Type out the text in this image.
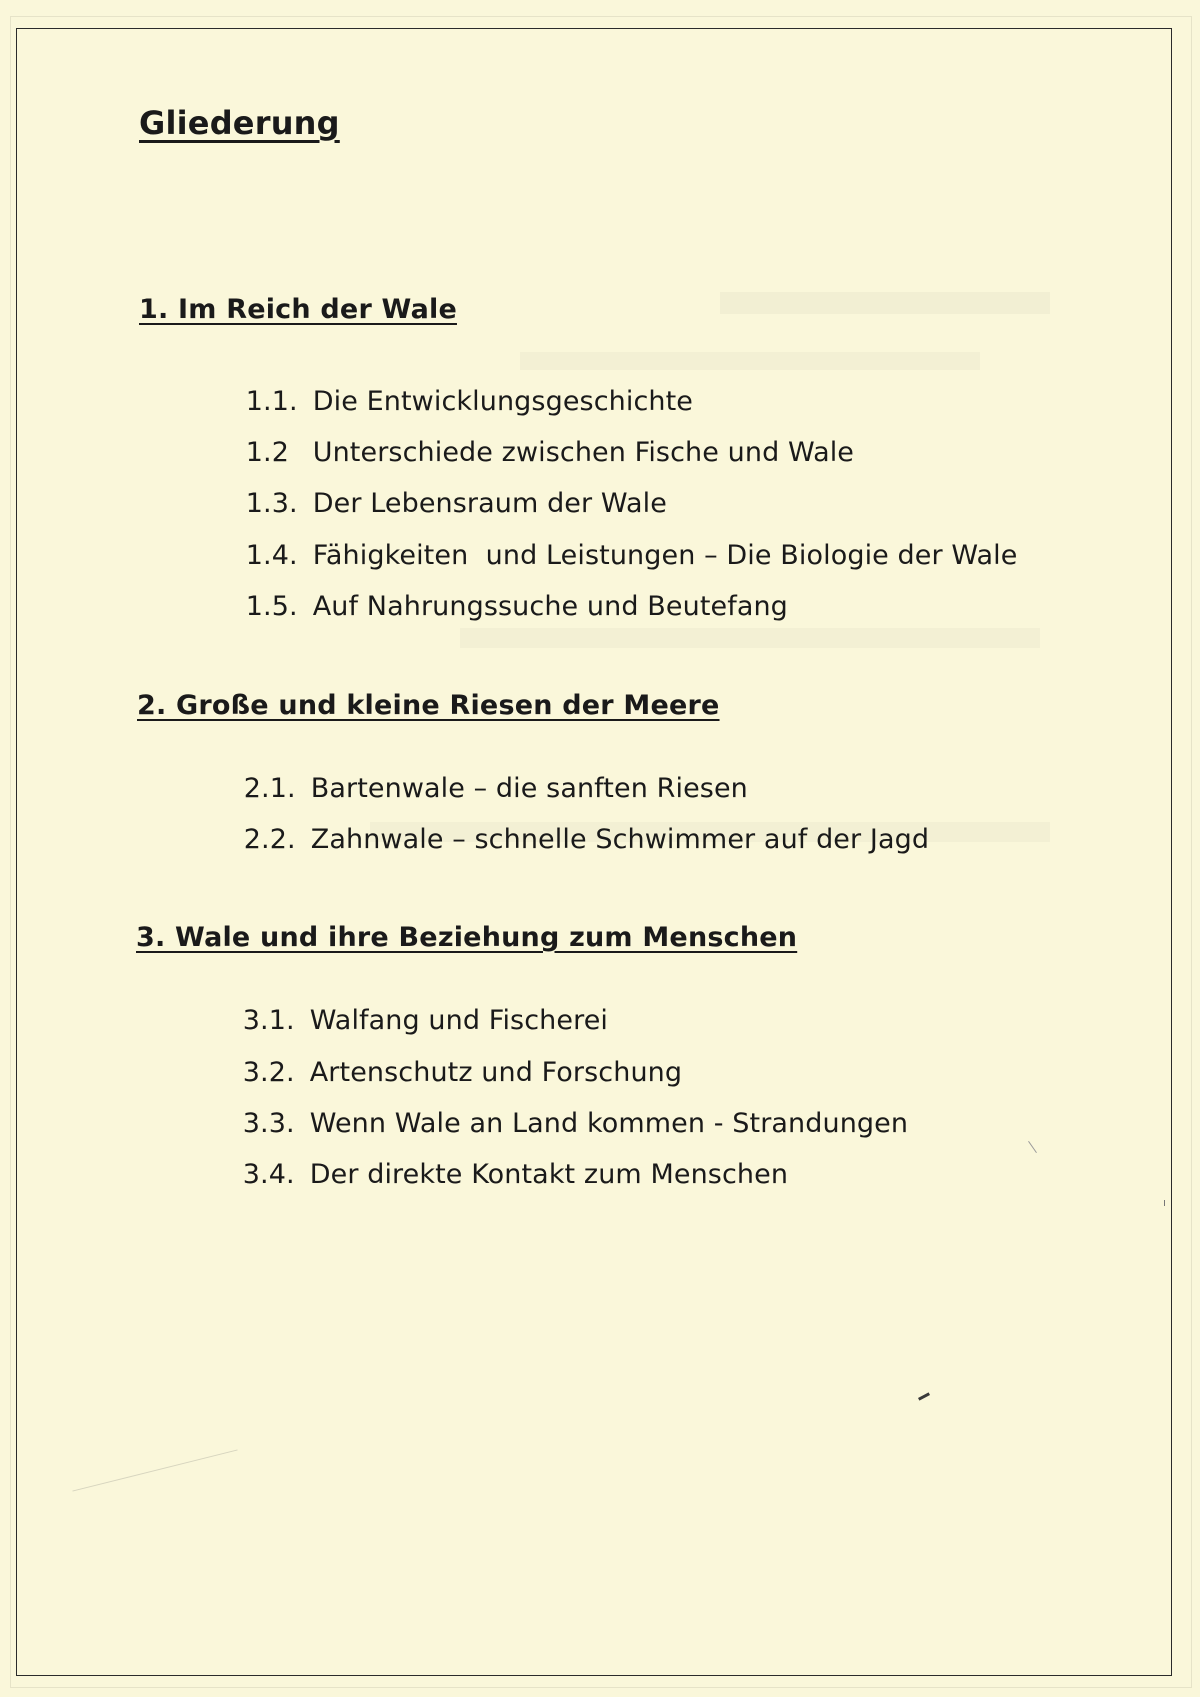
Gliederung
1. Im Reich der Wale

1.1. Die Entwicklungsgeschichte

1.2 Unterschiede zwischen Fische und Wale

1.3. Der Lebensraum der Wale

1.4. Fähigkeiten  und Leistungen – Die Biologie der Wale

1.5. Auf Nahrungssuche und Beutefang

2. Große und kleine Riesen der Meere

2.1. Bartenwale – die sanften Riesen

2.2. Zahnwale – schnelle Schwimmer auf der Jagd

3. Wale und ihre Beziehung zum Menschen

3.1. Walfang und Fischerei

3.2. Artenschutz und Forschung

3.3. Wenn Wale an Land kommen - Strandungen

3.4. Der direkte Kontakt zum Menschen
